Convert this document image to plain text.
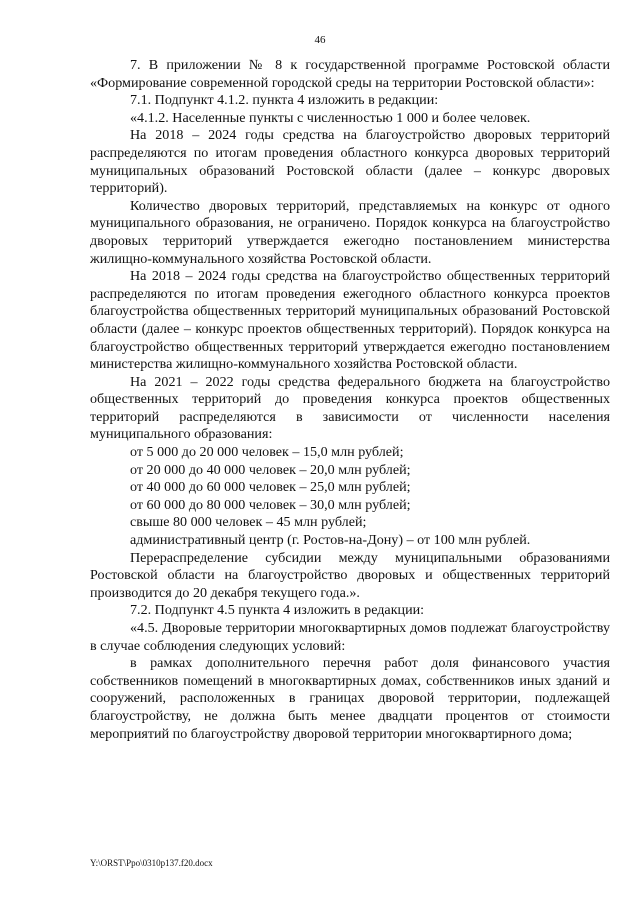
46

7. В приложении № 8 к государственной программе Ростовской области «Формирование современной городской среды на территории Ростовской области»:

7.1. Подпункт 4.1.2. пункта 4 изложить в редакции:

«4.1.2. Населенные пункты с численностью 1 000 и более человек.

На 2018 – 2024 годы средства на благоустройство дворовых территорий распределяются по итогам проведения областного конкурса дворовых территорий муниципальных образований Ростовской области (далее – конкурс дворовых территорий).

Количество дворовых территорий, представляемых на конкурс от одного муниципального образования, не ограничено. Порядок конкурса на благоустройство дворовых территорий утверждается ежегодно постановлением министерства жилищно-коммунального хозяйства Ростовской области.

На 2018 – 2024 годы средства на благоустройство общественных территорий распределяются по итогам проведения ежегодного областного конкурса проектов благоустройства общественных территорий муниципальных образований Ростовской области (далее – конкурс проектов общественных территорий). Порядок конкурса на благоустройство общественных территорий утверждается ежегодно постановлением министерства жилищно-коммунального хозяйства Ростовской области.

На 2021 – 2022 годы средства федерального бюджета на благоустройство общественных территорий до проведения конкурса проектов общественных территорий распределяются в зависимости от численности населения муниципального образования:

от 5 000 до 20 000 человек – 15,0 млн рублей;

от 20 000 до 40 000 человек – 20,0 млн рублей;

от 40 000 до 60 000 человек – 25,0 млн рублей;

от 60 000 до 80 000 человек – 30,0 млн рублей;

свыше 80 000 человек – 45 млн рублей;

административный центр (г. Ростов-на-Дону) – от 100 млн рублей.

Перераспределение субсидии между муниципальными образованиями Ростовской области на благоустройство дворовых и общественных территорий производится до 20 декабря текущего года.».

7.2. Подпункт 4.5 пункта 4 изложить в редакции:

«4.5. Дворовые территории многоквартирных домов подлежат благоустройству в случае соблюдения следующих условий:

в рамках дополнительного перечня работ доля финансового участия собственников помещений в многоквартирных домах, собственников иных зданий и сооружений, расположенных в границах дворовой территории, подлежащей благоустройству, не должна быть менее двадцати процентов от стоимости мероприятий по благоустройству дворовой территории многоквартирного дома;

Y:\ORST\Ppo\0310p137.f20.docx
